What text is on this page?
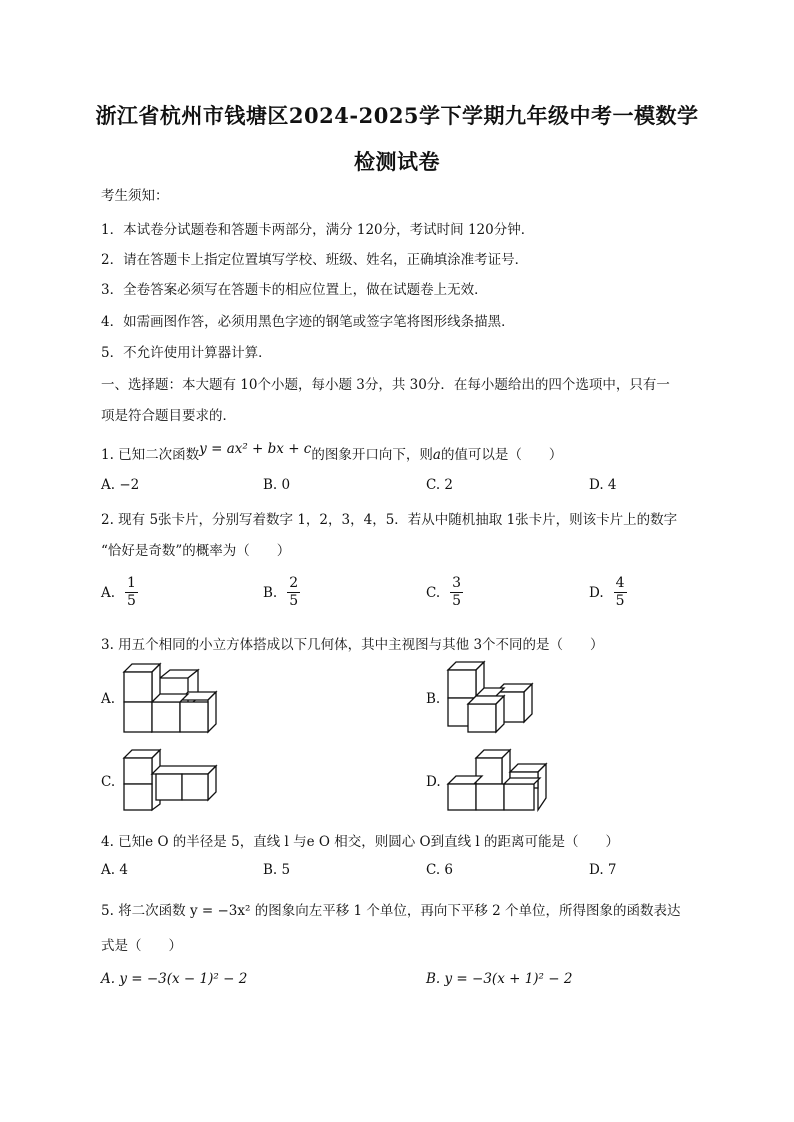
浙江省杭州市钱塘区2024-2025学下学期九年级中考一模数学
检测试卷
考生须知：
1．本试卷分试题卷和答题卡两部分，满分 120分，考试时间 120分钟．
2．请在答题卡上指定位置填写学校、班级、姓名，正确填涂准考证号．
3．全卷答案必须写在答题卡的相应位置上，做在试题卷上无效．
4．如需画图作答，必须用黑色字迹的钢笔或签字笔将图形线条描黑．
5．不允许使用计算器计算．
一、选择题：本大题有 10个小题，每小题 3分，共 30分．在每小题给出的四个选项中，只有一
项是符合题目要求的．
1. 已知二次函数y = ax² + bx + c的图象开口向下，则a的值可以是（　　）
A. −2	B. 0	C. 2	D. 4
2. 现有 5张卡片，分别写着数字 1，2，3，4，5．若从中随机抽取 1张卡片，则该卡片上的数字
“恰好是奇数”的概率为（　　）
A. $\frac{1}{5}$	B. $\frac{2}{5}$	C. $\frac{3}{5}$	D. $\frac{4}{5}$
3. 用五个相同的小立方体搭成以下几何体，其中主视图与其他 3个不同的是（　　）
A.	B.
C.	D.
4. 已知e O 的半径是 5，直线 l 与e O 相交，则圆心 O到直线 l 的距离可能是（　　）
A. 4	B. 5	C. 6	D. 7
5. 将二次函数 y = −3x² 的图象向左平移 1 个单位，再向下平移 2 个单位，所得图象的函数表达
式是（　　）
A. y = −3(x − 1)² − 2	B. y = −3(x + 1)² − 2
